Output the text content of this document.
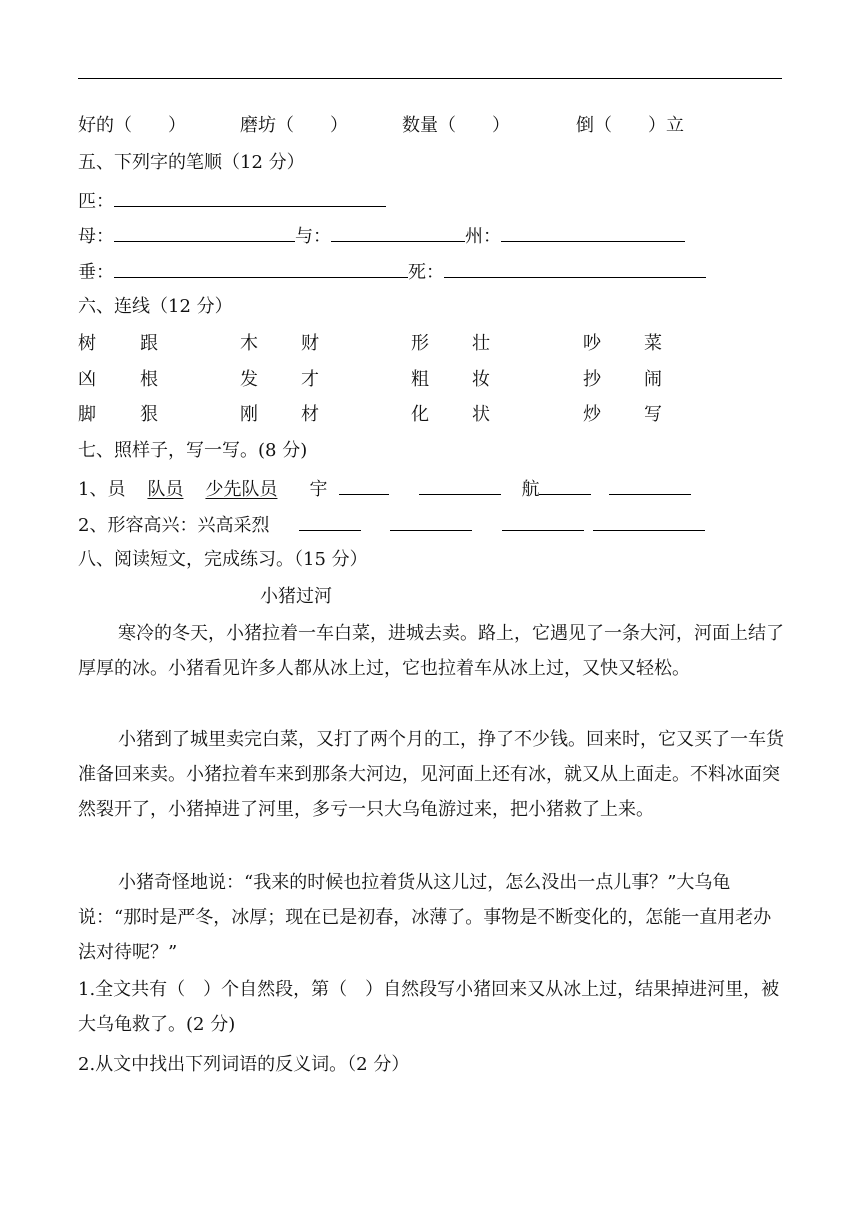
好的（　　）	磨坊（　　）	数量（　　）	倒（　　）立
五、下列字的笔顺（12 分）
匹：
母：	与：	州：
垂：	死：
六、连线（12 分）
树 跟	木 财	形 壮	吵 菜
凶 根	发 才	粗 妆	抄 闹
脚 狠	刚 材	化 状	炒 写
七、照样子，写一写。(8 分)
1、员 队员 少先队员 宇	航
2、形容高兴：兴高采烈
八、阅读短文，完成练习。（15 分）
小猪过河
寒冷的冬天，小猪拉着一车白菜，进城去卖。路上，它遇见了一条大河，河面上结了厚厚的冰。小猪看见许多人都从冰上过，它也拉着车从冰上过，又快又轻松。
小猪到了城里卖完白菜，又打了两个月的工，挣了不少钱。回来时，它又买了一车货准备回来卖。小猪拉着车来到那条大河边，见河面上还有冰，就又从上面走。不料冰面突然裂开了，小猪掉进了河里，多亏一只大乌龟游过来，把小猪救了上来。
小猪奇怪地说：“我来的时候也拉着货从这儿过，怎么没出一点儿事？”大乌龟说：“那时是严冬，冰厚；现在已是初春，冰薄了。事物是不断变化的，怎能一直用老办法对待呢？”
1.全文共有（　）个自然段，第（　）自然段写小猪回来又从冰上过，结果掉进河里，被大乌龟救了。(2 分)
2.从文中找出下列词语的反义词。（2 分）
